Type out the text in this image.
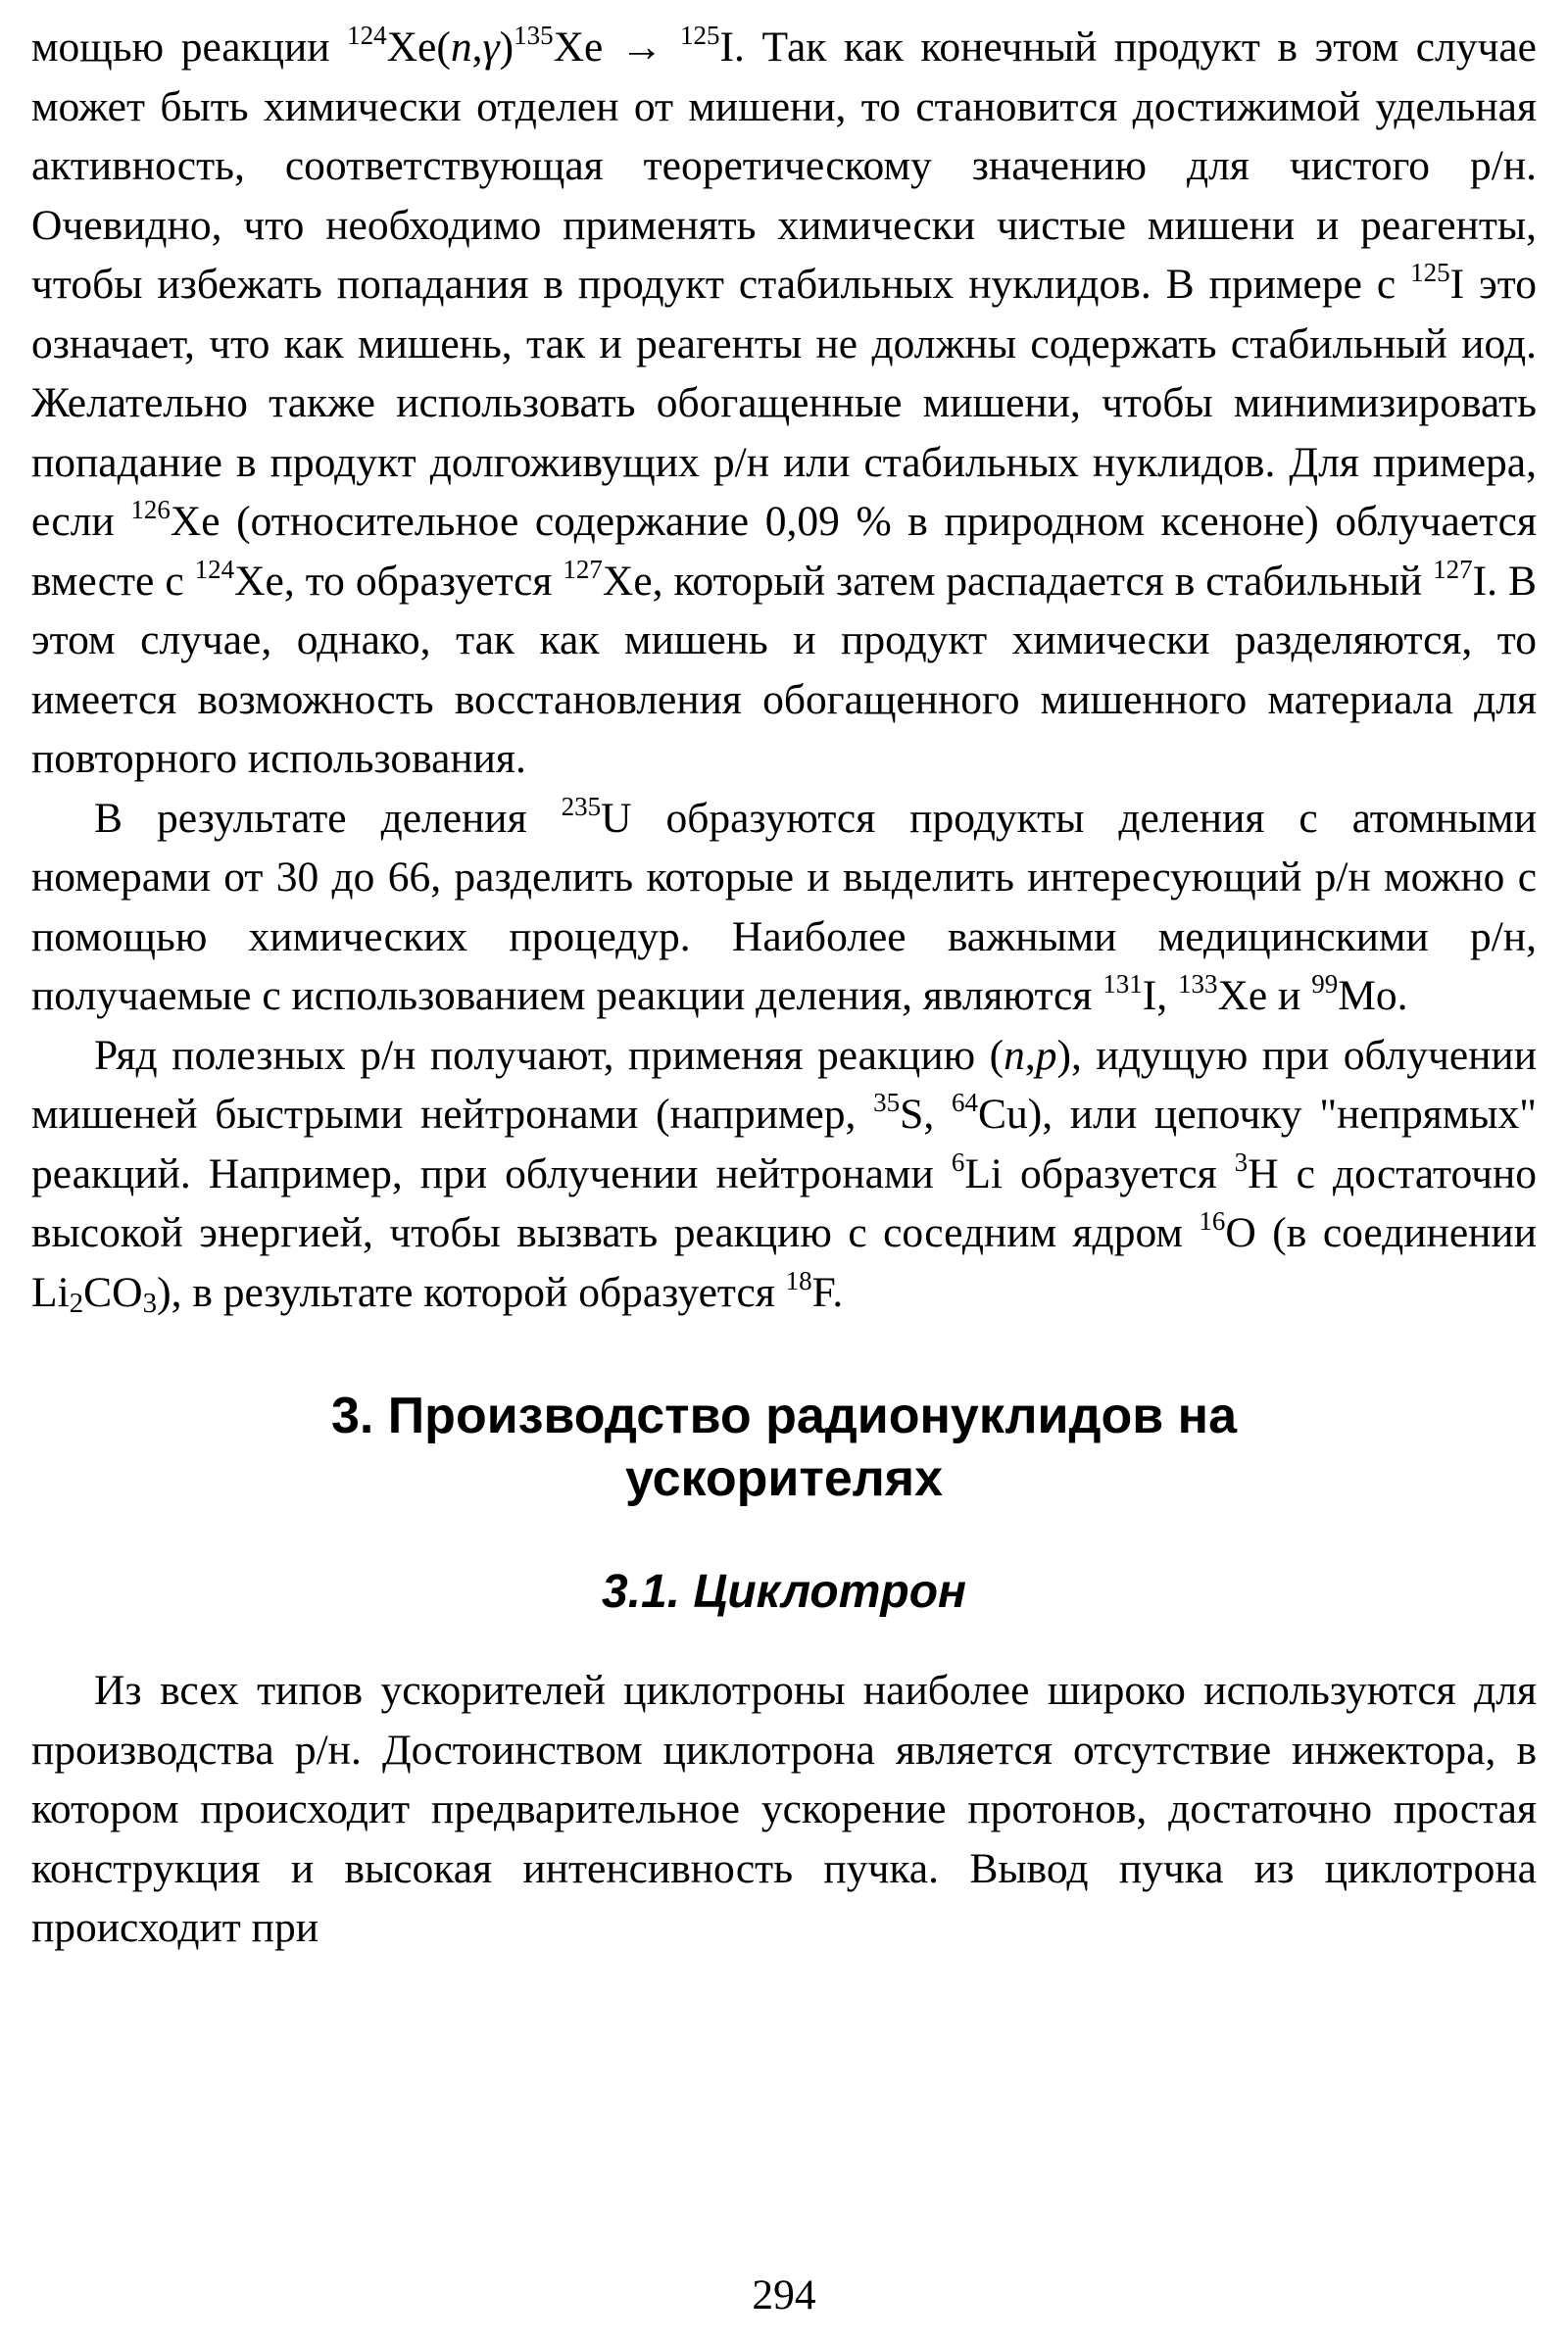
мощью реакции $^{124}Xe(n,\gamma)^{135}Xe \to ^{125}I$. Так как конечный продукт в этом случае может быть химически отделен от мишени, то становится достижимой удельная активность, соответствующая теоретическому значению для чистого р/н. Очевидно, что необходимо применять химически чистые мишени и реагенты, чтобы избежать попадания в продукт стабильных нуклидов. В примере с $^{125}$I это означает, что как мишень, так и реагенты не должны содержать стабильный иод. Желательно также использовать обогащенные мишени, чтобы минимизировать попадание в продукт долгоживущих р/н или стабильных нуклидов. Для примера, если $^{126}$Xe (относительное содержание 0,09 % в природном ксеноне) облучается вместе с $^{124}$Xe, то образуется $^{127}$Xe, который затем распадается в стабильный $^{127}$I. В этом случае, однако, так как мишень и продукт химически разделяются, то имеется возможность восстановления обогащенного мишенного материала для повторного использования.

В результате деления $^{235}$U образуются продукты деления с атомными номерами от 30 до 66, разделить которые и выделить интересующий р/н можно с помощью химических процедур. Наиболее важными медицинскими р/н, получаемые с использованием реакции деления, являются $^{131}$I, $^{133}$Xe и $^{99}$Mo.

Ряд полезных р/н получают, применяя реакцию (n,p), идущую при облучении мишеней быстрыми нейтронами (например, $^{35}$S, $^{64}$Cu), или цепочку "непрямых" реакций. Например, при облучении нейтронами $^6$Li образуется $^3$H с достаточно высокой энергией, чтобы вызвать реакцию с соседним ядром $^{16}$O (в соединении $Li_2CO_3$), в результате которой образуется $^{18}$F.

3. Производство радионуклидов на
ускорителях
3.1. Циклотрон

Из всех типов ускорителей циклотроны наиболее широко используются для производства р/н. Достоинством циклотрона является отсутствие инжектора, в котором происходит предварительное ускорение протонов, достаточно простая конструкция и высокая интенсивность пучка. Вывод пучка из циклотрона происходит при

294
